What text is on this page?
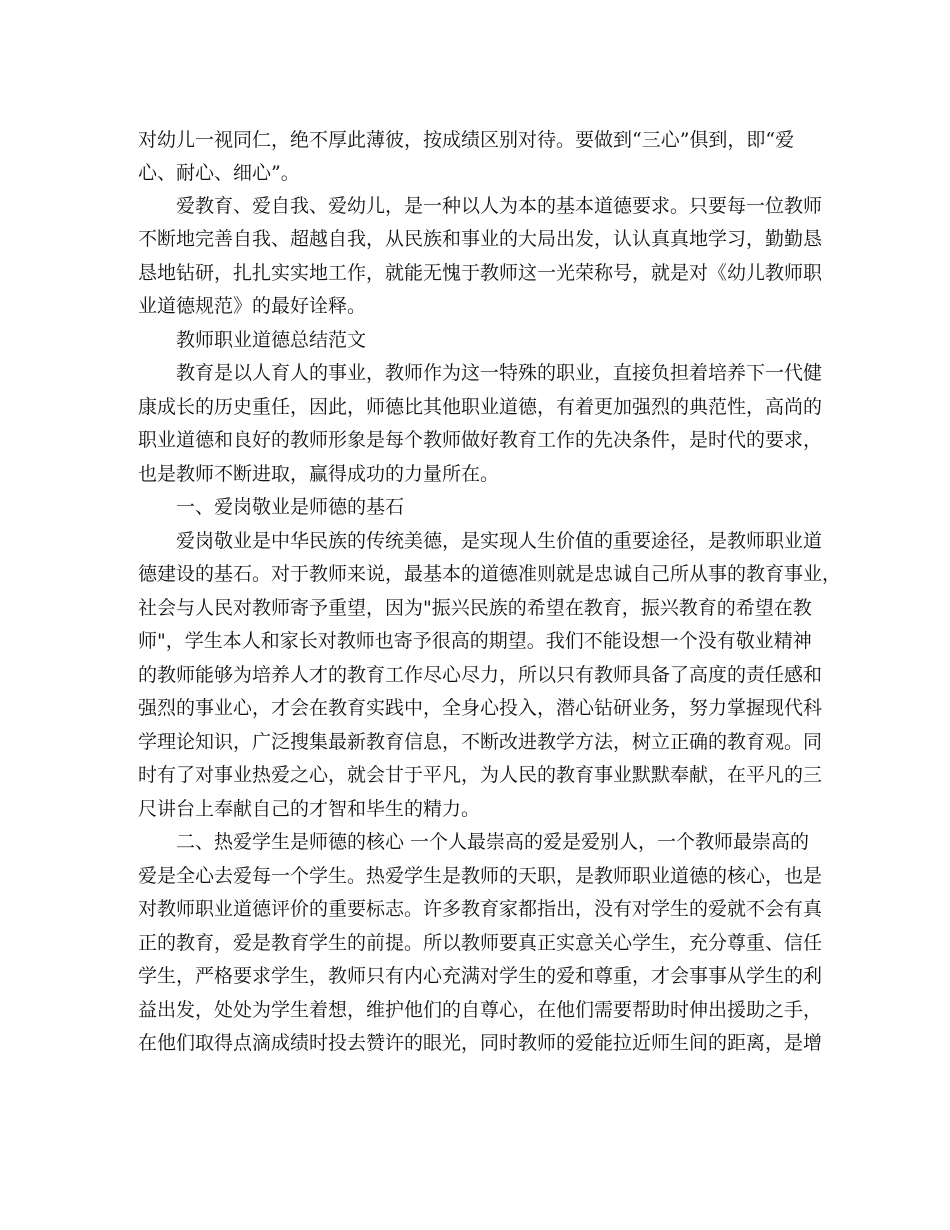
对幼儿一视同仁，绝不厚此薄彼，按成绩区别对待。要做到“三心”俱到，即“爱
心、耐心、细心”。
爱教育、爱自我、爱幼儿，是一种以人为本的基本道德要求。只要每一位教师
不断地完善自我、超越自我，从民族和事业的大局出发，认认真真地学习，勤勤恳
恳地钻研，扎扎实实地工作，就能无愧于教师这一光荣称号，就是对《幼儿教师职
业道德规范》的最好诠释。
教师职业道德总结范文
教育是以人育人的事业，教师作为这一特殊的职业，直接负担着培养下一代健
康成长的历史重任，因此，师德比其他职业道德，有着更加强烈的典范性，高尚的
职业道德和良好的教师形象是每个教师做好教育工作的先决条件，是时代的要求，
也是教师不断进取，赢得成功的力量所在。
一、爱岗敬业是师德的基石
爱岗敬业是中华民族的传统美德，是实现人生价值的重要途径，是教师职业道
德建设的基石。对于教师来说，最基本的道德准则就是忠诚自己所从事的教育事业，
社会与人民对教师寄予重望，因为"振兴民族的希望在教育，振兴教育的希望在教
师"，学生本人和家长对教师也寄予很高的期望。我们不能设想一个没有敬业精神
的教师能够为培养人才的教育工作尽心尽力，所以只有教师具备了高度的责任感和
强烈的事业心，才会在教育实践中，全身心投入，潜心钻研业务，努力掌握现代科
学理论知识，广泛搜集最新教育信息，不断改进教学方法，树立正确的教育观。同
时有了对事业热爱之心，就会甘于平凡，为人民的教育事业默默奉献，在平凡的三
尺讲台上奉献自己的才智和毕生的精力。
二、热爱学生是师德的核心 一个人最崇高的爱是爱别人，一个教师最崇高的
爱是全心去爱每一个学生。热爱学生是教师的天职，是教师职业道德的核心，也是
对教师职业道德评价的重要标志。许多教育家都指出，没有对学生的爱就不会有真
正的教育，爱是教育学生的前提。所以教师要真正实意关心学生，充分尊重、信任
学生，严格要求学生，教师只有内心充满对学生的爱和尊重，才会事事从学生的利
益出发，处处为学生着想，维护他们的自尊心，在他们需要帮助时伸出援助之手，
在他们取得点滴成绩时投去赞许的眼光，同时教师的爱能拉近师生间的距离，是增
